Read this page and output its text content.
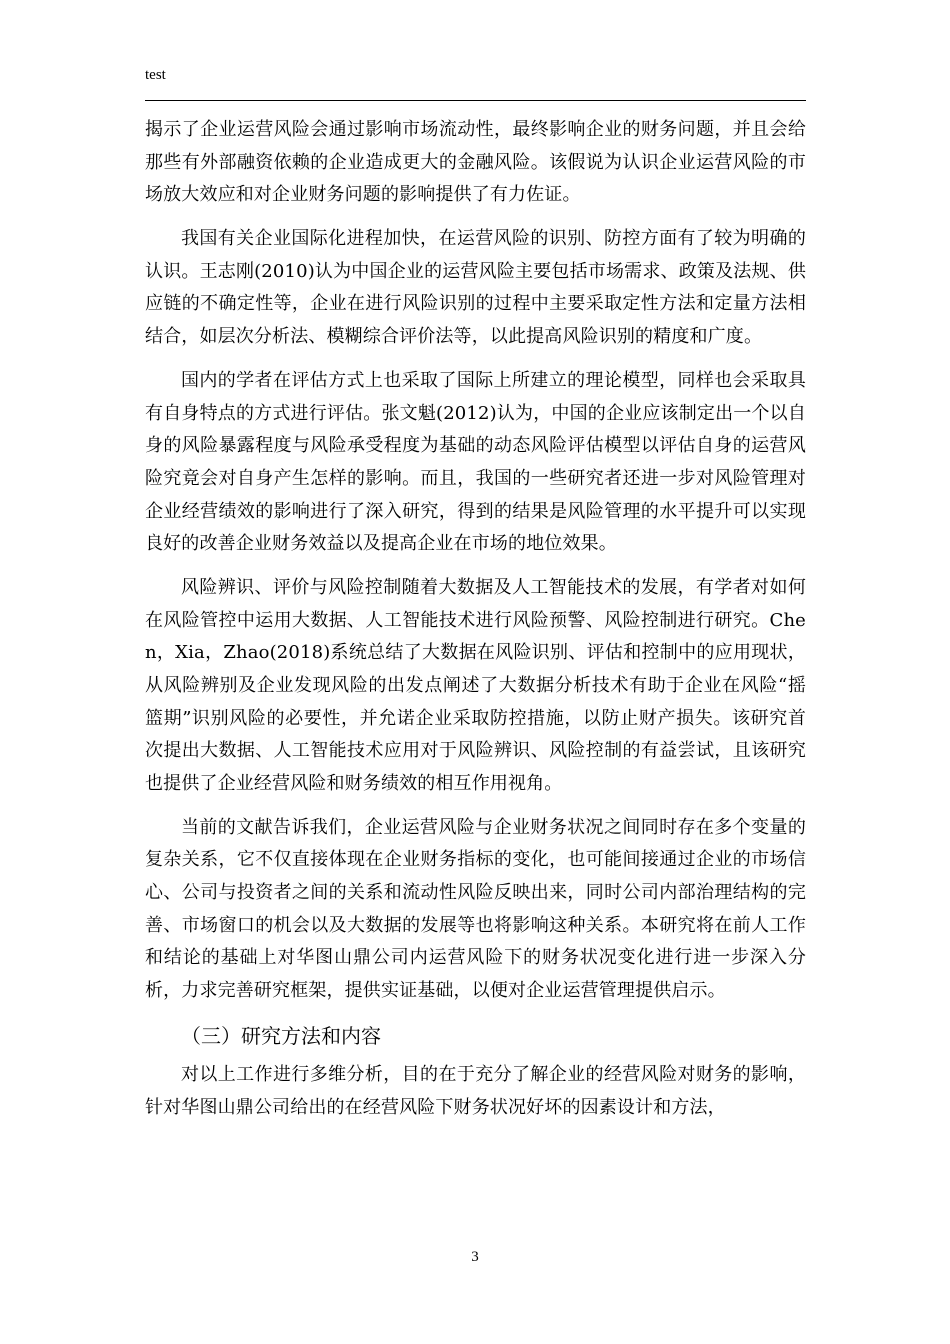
test

揭示了企业运营风险会通过影响市场流动性，最终影响企业的财务问题，并且会给那些有外部融资依赖的企业造成更大的金融风险。该假说为认识企业运营风险的市场放大效应和对企业财务问题的影响提供了有力佐证。

我国有关企业国际化进程加快，在运营风险的识别、防控方面有了较为明确的认识。王志刚(2010)认为中国企业的运营风险主要包括市场需求、政策及法规、供应链的不确定性等，企业在进行风险识别的过程中主要采取定性方法和定量方法相结合，如层次分析法、模糊综合评价法等，以此提高风险识别的精度和广度。

国内的学者在评估方式上也采取了国际上所建立的理论模型，同样也会采取具有自身特点的方式进行评估。张文魁(2012)认为，中国的企业应该制定出一个以自身的风险暴露程度与风险承受程度为基础的动态风险评估模型以评估自身的运营风险究竟会对自身产生怎样的影响。而且，我国的一些研究者还进一步对风险管理对企业经营绩效的影响进行了深入研究，得到的结果是风险管理的水平提升可以实现良好的改善企业财务效益以及提高企业在市场的地位效果。

风险辨识、评价与风险控制随着大数据及人工智能技术的发展，有学者对如何在风险管控中运用大数据、人工智能技术进行风险预警、风险控制进行研究。Chen，Xia，Zhao(2018)系统总结了大数据在风险识别、评估和控制中的应用现状，从风险辨别及企业发现风险的出发点阐述了大数据分析技术有助于企业在风险“摇篮期”识别风险的必要性，并允诺企业采取防控措施，以防止财产损失。该研究首次提出大数据、人工智能技术应用对于风险辨识、风险控制的有益尝试，且该研究也提供了企业经营风险和财务绩效的相互作用视角。

当前的文献告诉我们，企业运营风险与企业财务状况之间同时存在多个变量的复杂关系，它不仅直接体现在企业财务指标的变化，也可能间接通过企业的市场信心、公司与投资者之间的关系和流动性风险反映出来，同时公司内部治理结构的完善、市场窗口的机会以及大数据的发展等也将影响这种关系。本研究将在前人工作和结论的基础上对华图山鼎公司内运营风险下的财务状况变化进行进一步深入分析，力求完善研究框架，提供实证基础，以便对企业运营管理提供启示。

（三）研究方法和内容

对以上工作进行多维分析，目的在于充分了解企业的经营风险对财务的影响，针对华图山鼎公司给出的在经营风险下财务状况好坏的因素设计和方法，

3
